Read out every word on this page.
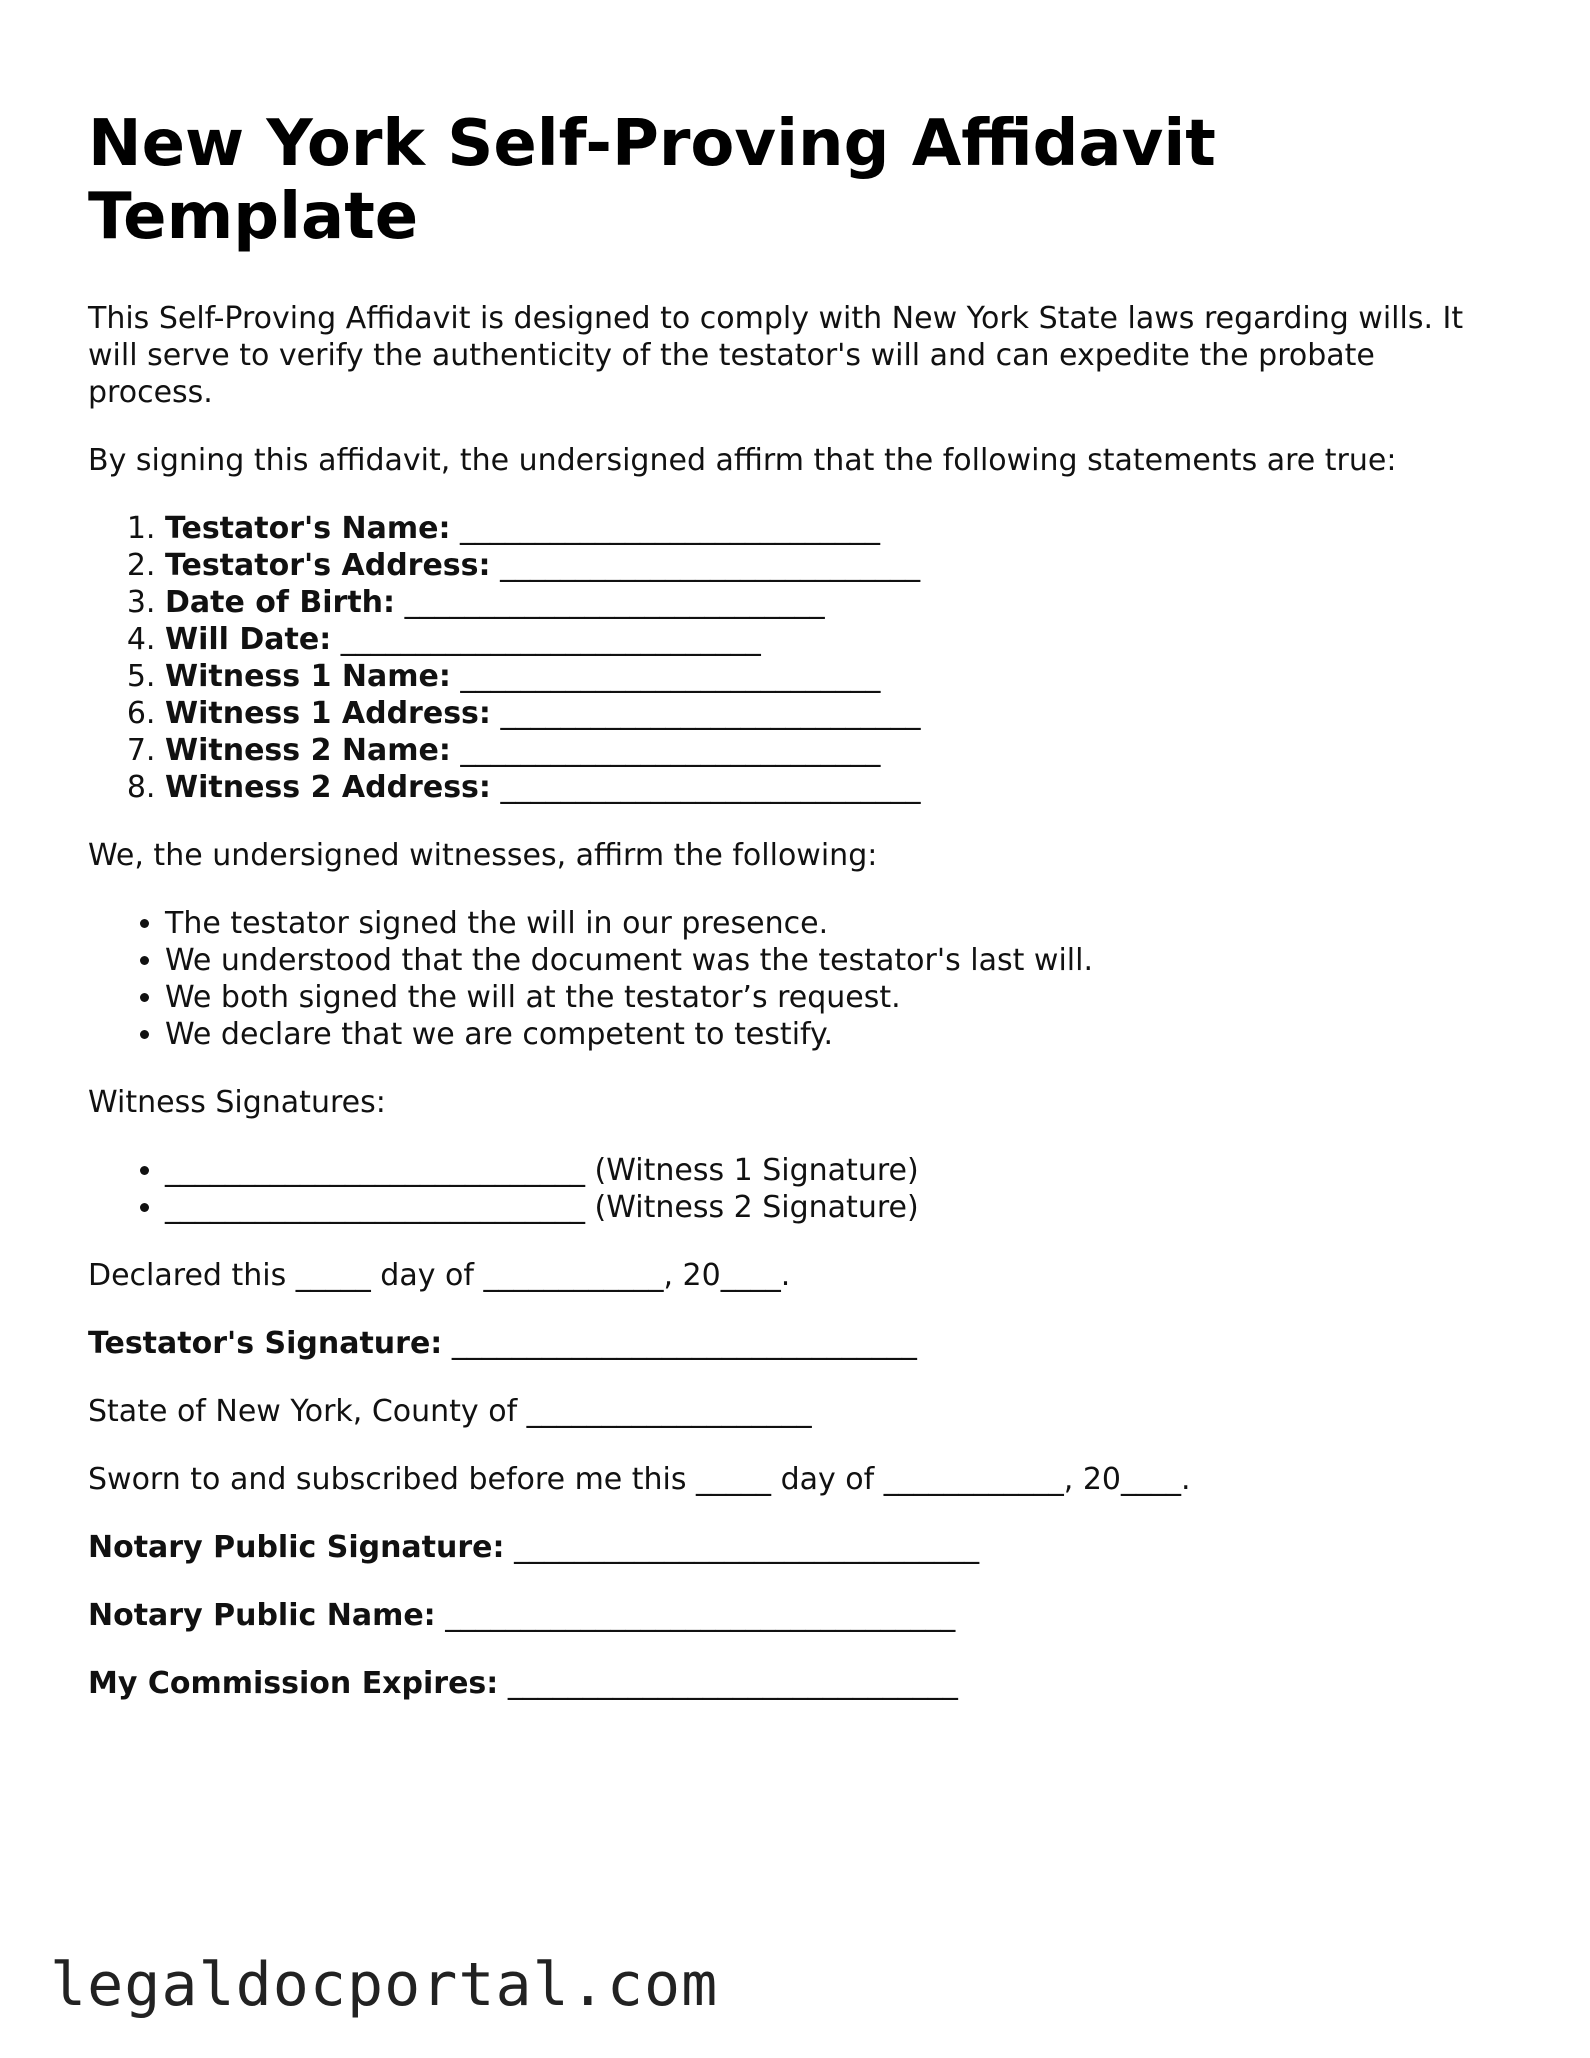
New York Self-Proving Affidavit Template

This Self-Proving Affidavit is designed to comply with New York State laws regarding wills. It will serve to verify the authenticity of the testator's will and can expedite the probate process.

By signing this affidavit, the undersigned affirm that the following statements are true:

1. Testator's Name: ____________________________
2. Testator's Address: ____________________________
3. Date of Birth: ____________________________
4. Will Date: ____________________________
5. Witness 1 Name: ____________________________
6. Witness 1 Address: ____________________________
7. Witness 2 Name: ____________________________
8. Witness 2 Address: ____________________________

We, the undersigned witnesses, affirm the following:

• The testator signed the will in our presence.
• We understood that the document was the testator's last will.
• We both signed the will at the testator’s request.
• We declare that we are competent to testify.

Witness Signatures:

• ____________________________ (Witness 1 Signature)
• ____________________________ (Witness 2 Signature)

Declared this _____ day of ____________, 20____.

Testator's Signature: _______________________________

State of New York, County of ___________________

Sworn to and subscribed before me this _____ day of ____________, 20____.

Notary Public Signature: _______________________________

Notary Public Name: __________________________________

My Commission Expires: ______________________________

legaldocportal.com
